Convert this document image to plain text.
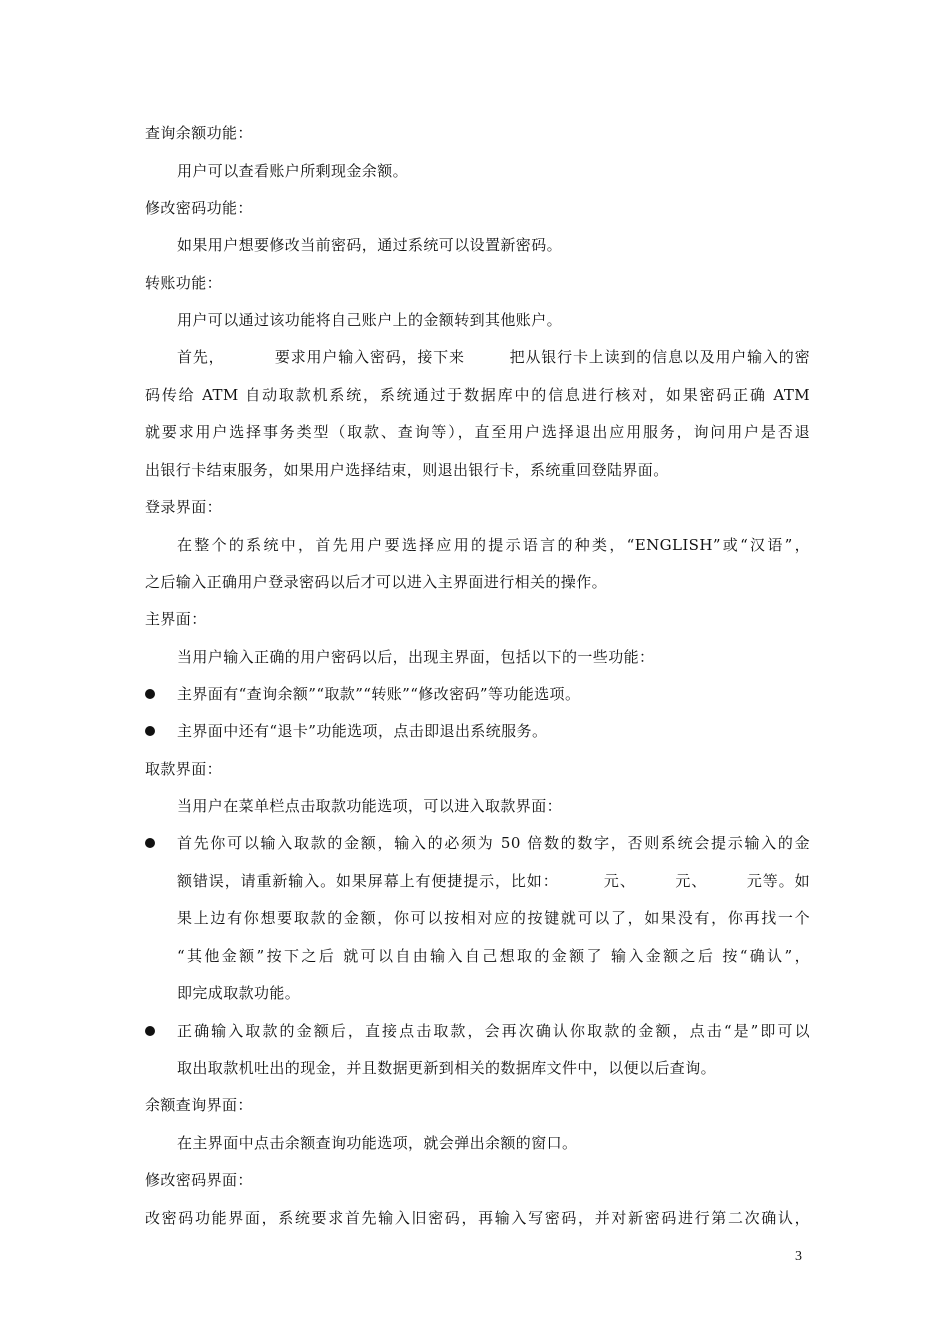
查询余额功能：
用户可以查看账户所剩现金余额。
修改密码功能：
如果用户想要修改当前密码，通过系统可以设置新密码。
转账功能：
用户可以通过该功能将自己账户上的金额转到其他账户。
首先，         要求用户输入密码，接下来        把从银行卡上读到的信息以及用户输入的密
码传给 ATM 自动取款机系统，系统通过于数据库中的信息进行核对，如果密码正确 ATM
就要求用户选择事务类型（取款、查询等），直至用户选择退出应用服务，询问用户是否退
出银行卡结束服务，如果用户选择结束，则退出银行卡，系统重回登陆界面。
登录界面：
在整个的系统中，首先用户要选择应用的提示语言的种类，“ENGLISH”或“汉语”，
之后输入正确用户登录密码以后才可以进入主界面进行相关的操作。
主界面：
当用户输入正确的用户密码以后，出现主界面，包括以下的一些功能：
主界面有“查询余额”“取款”“转账”“修改密码”等功能选项。
主界面中还有“退卡”功能选项，点击即退出系统服务。
取款界面：
当用户在菜单栏点击取款功能选项，可以进入取款界面：
首先你可以输入取款的金额，输入的必须为 50 倍数的数字，否则系统会提示输入的金
额错误，请重新输入。如果屏幕上有便捷提示，比如：        元、       元、       元等。如
果上边有你想要取款的金额，你可以按相对应的按键就可以了，如果没有，你再找一个
“其他金额”按下之后 就可以自由输入自己想取的金额了 输入金额之后 按“确认”，
即完成取款功能。
正确输入取款的金额后，直接点击取款，会再次确认你取款的金额，点击“是”即可以
取出取款机吐出的现金，并且数据更新到相关的数据库文件中，以便以后查询。
余额查询界面：
在主界面中点击余额查询功能选项，就会弹出余额的窗口。
修改密码界面：
改密码功能界面，系统要求首先输入旧密码，再输入写密码，并对新密码进行第二次确认，
3
